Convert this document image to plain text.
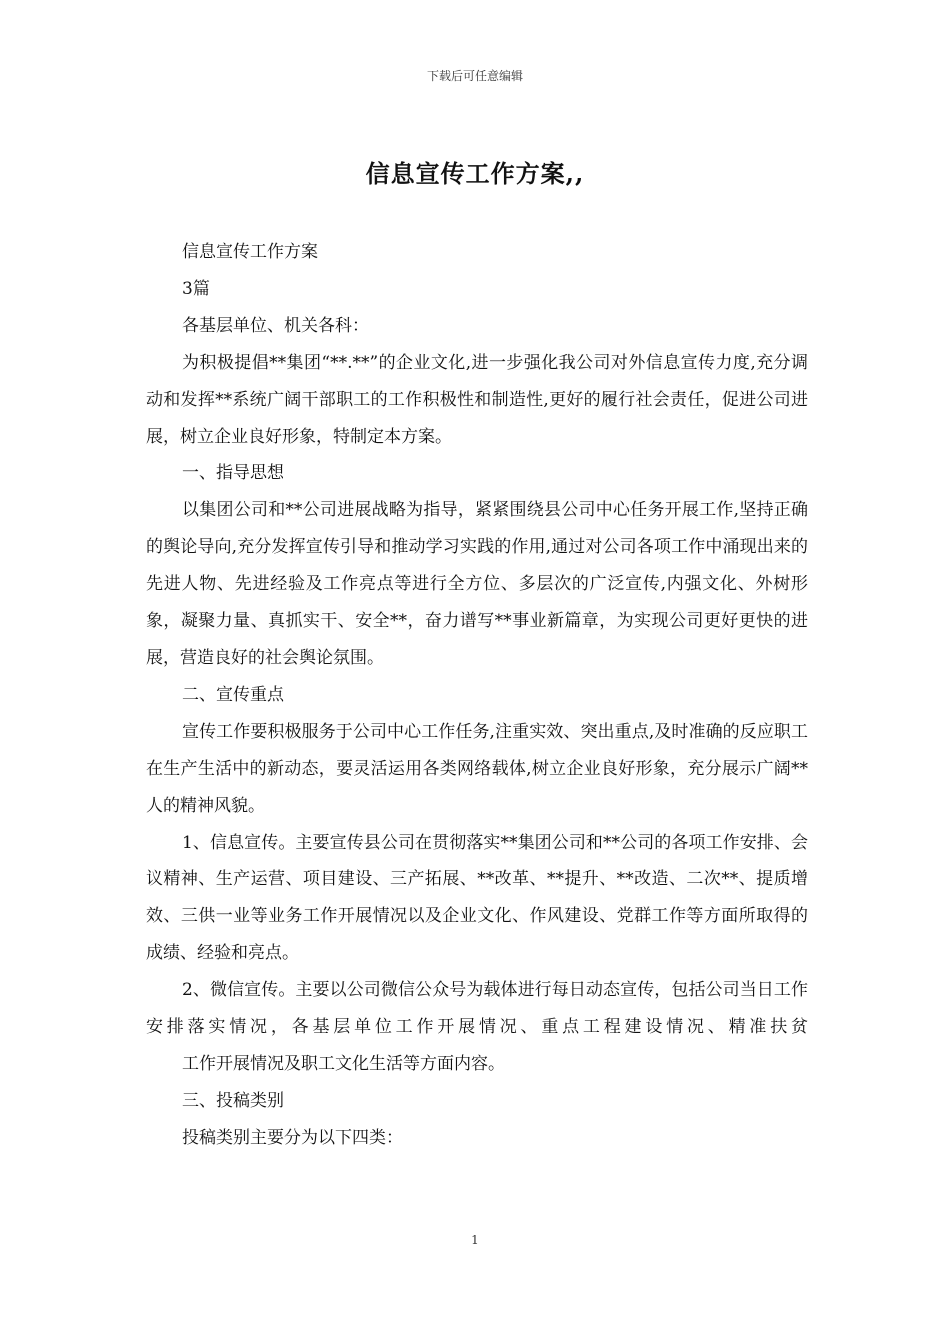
下载后可任意编辑
信息宣传工作方案,,

信息宣传工作方案

3篇

各基层单位、机关各科：

为积极提倡**集团“**.**”的企业文化,进一步强化我公司对外信息宣传力度,充分调动和发挥**系统广阔干部职工的工作积极性和制造性,更好的履行社会责任，促进公司进展，树立企业良好形象，特制定本方案。

一、指导思想

以集团公司和**公司进展战略为指导，紧紧围绕县公司中心任务开展工作,坚持正确的舆论导向,充分发挥宣传引导和推动学习实践的作用,通过对公司各项工作中涌现出来的先进人物、先进经验及工作亮点等进行全方位、多层次的广泛宣传,内强文化、外树形象，凝聚力量、真抓实干、安全**，奋力谱写**事业新篇章，为实现公司更好更快的进展，营造良好的社会舆论氛围。

二、宣传重点

宣传工作要积极服务于公司中心工作任务,注重实效、突出重点,及时准确的反应职工在生产生活中的新动态，要灵活运用各类网络载体,树立企业良好形象，充分展示广阔**人的精神风貌。

1、信息宣传。主要宣传县公司在贯彻落实**集团公司和**公司的各项工作安排、会议精神、生产运营、项目建设、三产拓展、**改革、**提升、**改造、二次**、提质增效、三供一业等业务工作开展情况以及企业文化、作风建设、党群工作等方面所取得的成绩、经验和亮点。

2、微信宣传。主要以公司微信公众号为载体进行每日动态宣传，包括公司当日工作安排落实情况，各基层单位工作开展情况、重点工程建设情况、精准扶贫

工作开展情况及职工文化生活等方面内容。

三、投稿类别

投稿类别主要分为以下四类：

1
